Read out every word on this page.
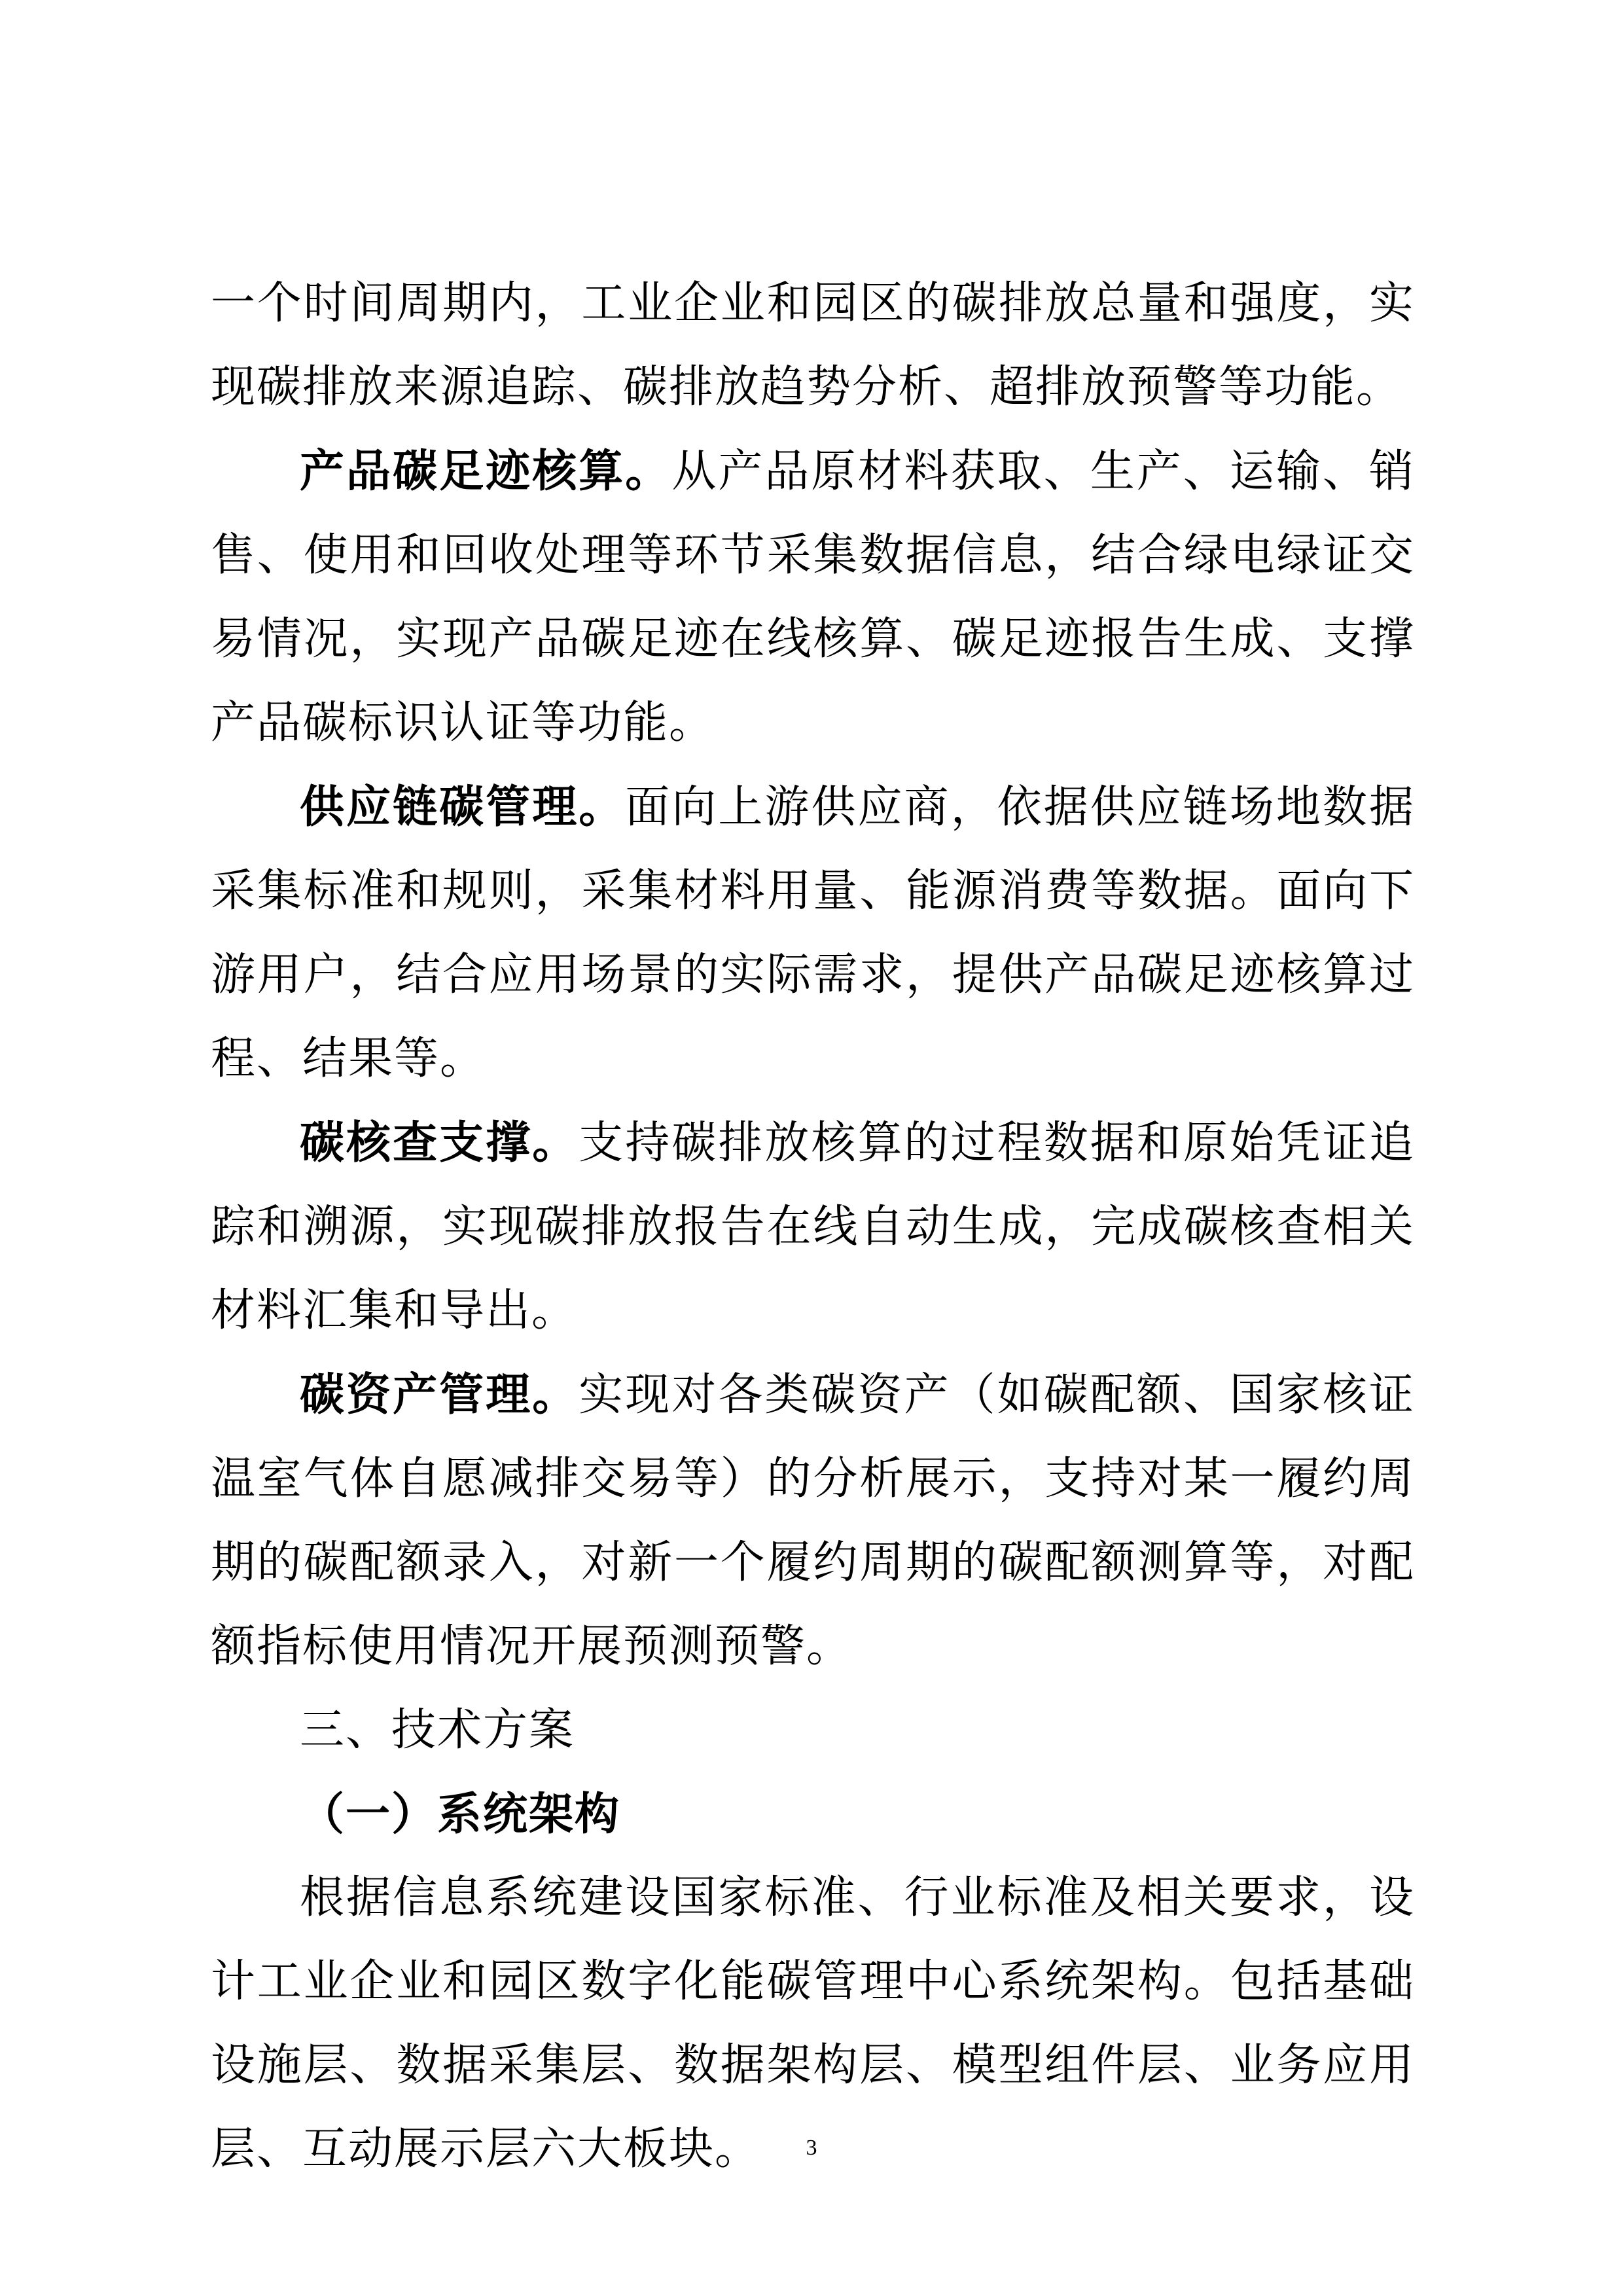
一个时间周期内，工业企业和园区的碳排放总量和强度，实现碳排放来源追踪、碳排放趋势分析、超排放预警等功能。

产品碳足迹核算。从产品原材料获取、生产、运输、销售、使用和回收处理等环节采集数据信息，结合绿电绿证交易情况，实现产品碳足迹在线核算、碳足迹报告生成、支撑产品碳标识认证等功能。

供应链碳管理。面向上游供应商，依据供应链场地数据采集标准和规则，采集材料用量、能源消费等数据。面向下游用户，结合应用场景的实际需求，提供产品碳足迹核算过程、结果等。

碳核查支撑。支持碳排放核算的过程数据和原始凭证追踪和溯源，实现碳排放报告在线自动生成，完成碳核查相关材料汇集和导出。

碳资产管理。实现对各类碳资产（如碳配额、国家核证温室气体自愿减排交易等）的分析展示，支持对某一履约周期的碳配额录入，对新一个履约周期的碳配额测算等，对配额指标使用情况开展预测预警。

三、技术方案
（一）系统架构

根据信息系统建设国家标准、行业标准及相关要求，设计工业企业和园区数字化能碳管理中心系统架构。包括基础设施层、数据采集层、数据架构层、模型组件层、业务应用层、互动展示层六大板块。	3
